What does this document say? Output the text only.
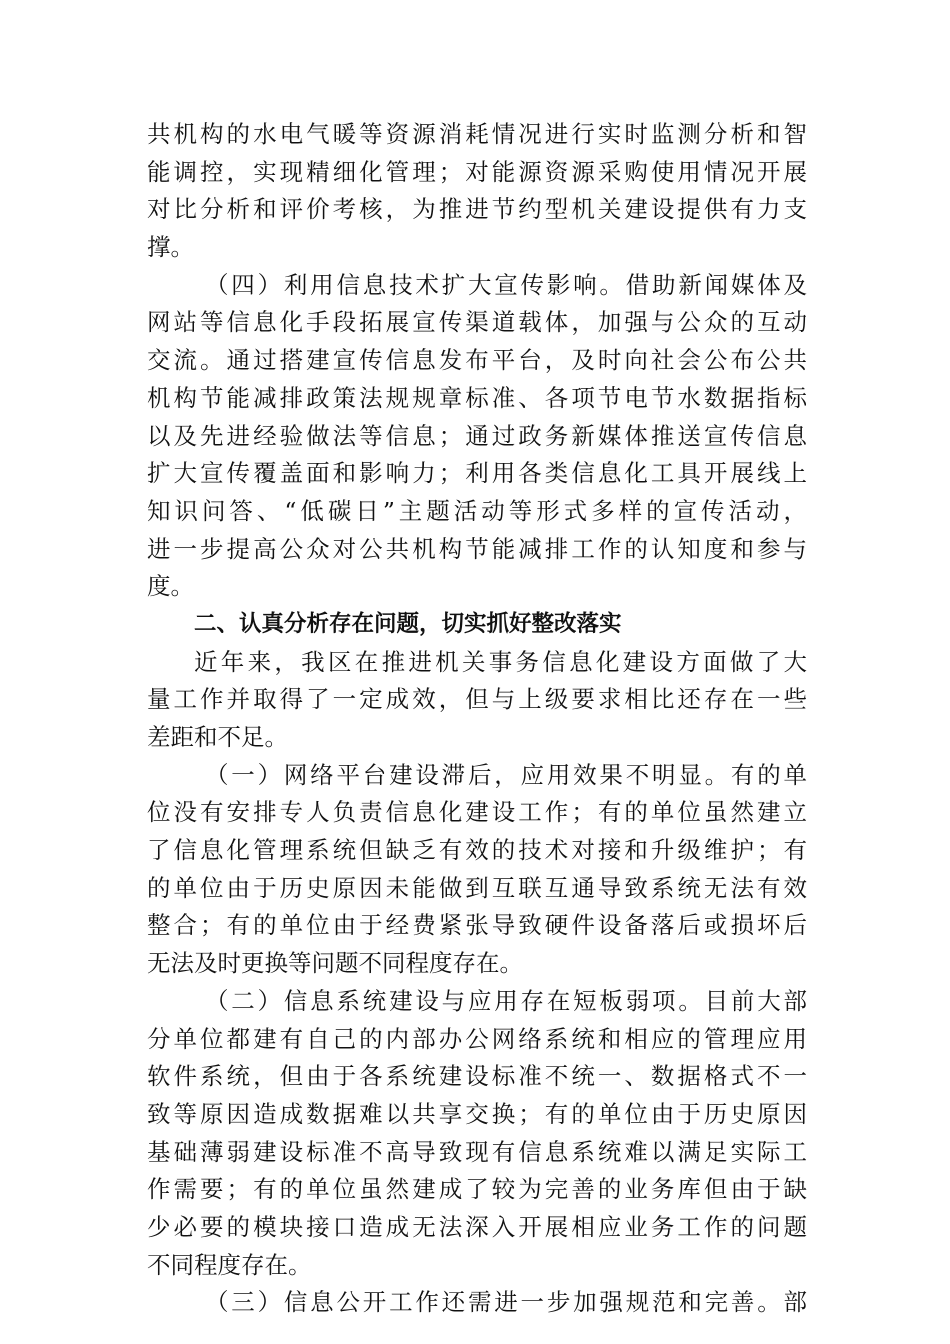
共机构的水电气暖等资源消耗情况进行实时监测分析和智
能调控，实现精细化管理；对能源资源采购使用情况开展
对比分析和评价考核，为推进节约型机关建设提供有力支
撑。
（四）利用信息技术扩大宣传影响。借助新闻媒体及
网站等信息化手段拓展宣传渠道载体，加强与公众的互动
交流。通过搭建宣传信息发布平台，及时向社会公布公共
机构节能减排政策法规规章标准、各项节电节水数据指标
以及先进经验做法等信息；通过政务新媒体推送宣传信息
扩大宣传覆盖面和影响力；利用各类信息化工具开展线上
知识问答、“低碳日”主题活动等形式多样的宣传活动，
进一步提高公众对公共机构节能减排工作的认知度和参与
度。
二、认真分析存在问题，切实抓好整改落实
近年来，我区在推进机关事务信息化建设方面做了大
量工作并取得了一定成效，但与上级要求相比还存在一些
差距和不足。
（一）网络平台建设滞后，应用效果不明显。有的单
位没有安排专人负责信息化建设工作；有的单位虽然建立
了信息化管理系统但缺乏有效的技术对接和升级维护；有
的单位由于历史原因未能做到互联互通导致系统无法有效
整合；有的单位由于经费紧张导致硬件设备落后或损坏后
无法及时更换等问题不同程度存在。
（二）信息系统建设与应用存在短板弱项。目前大部
分单位都建有自己的内部办公网络系统和相应的管理应用
软件系统，但由于各系统建设标准不统一、数据格式不一
致等原因造成数据难以共享交换；有的单位由于历史原因
基础薄弱建设标准不高导致现有信息系统难以满足实际工
作需要；有的单位虽然建成了较为完善的业务库但由于缺
少必要的模块接口造成无法深入开展相应业务工作的问题
不同程度存在。
（三）信息公开工作还需进一步加强规范和完善。部
